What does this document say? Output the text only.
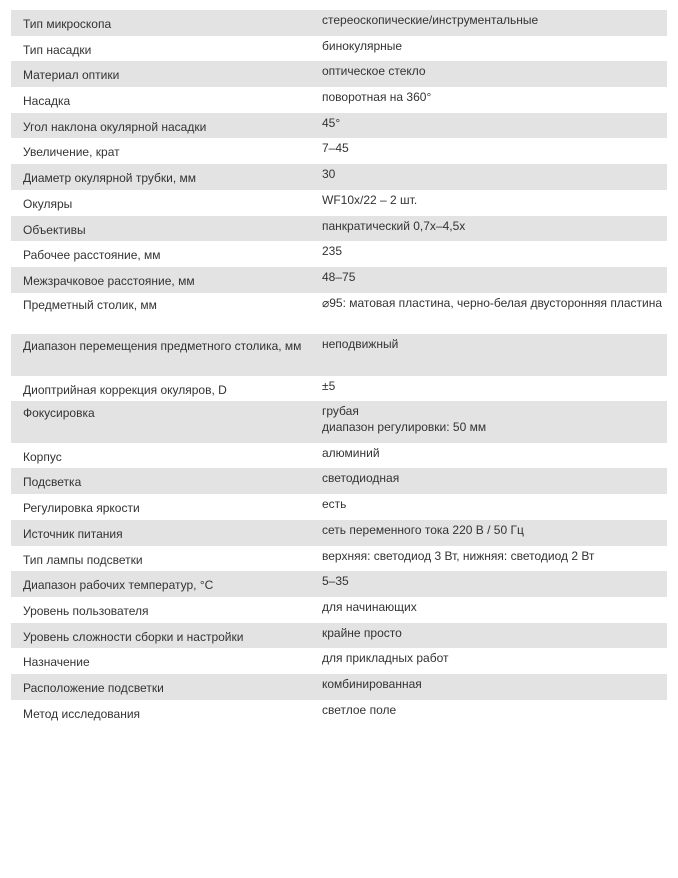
Тип микроскопа	стереоскопические/инструментальные
Тип насадки	бинокулярные
Материал оптики	оптическое стекло
Насадка	поворотная на 360°
Угол наклона окулярной насадки	45°
Увеличение, крат	7–45
Диаметр окулярной трубки, мм	30
Окуляры	WF10x/22 – 2 шт.
Объективы	панкратический 0,7x–4,5x
Рабочее расстояние, мм	235
Межзрачковое расстояние, мм	48–75
Предметный столик, мм	⌀95: матовая пластина, черно-белая двусторонняя пластина
Диапазон перемещения предметного столика, мм	неподвижный
Диоптрийная коррекция окуляров, D	±5
Фокусировка	грубая
диапазон регулировки: 50 мм

Корпус	алюминий
Подсветка	светодиодная
Регулировка яркости	есть
Источник питания	сеть переменного тока 220 В / 50 Гц
Тип лампы подсветки	верхняя: светодиод 3 Вт, нижняя: светодиод 2 Вт
Диапазон рабочих температур, °С	5–35
Уровень пользователя	для начинающих
Уровень сложности сборки и настройки	крайне просто
Назначение	для прикладных работ
Расположение подсветки	комбинированная
Метод исследования	светлое поле
